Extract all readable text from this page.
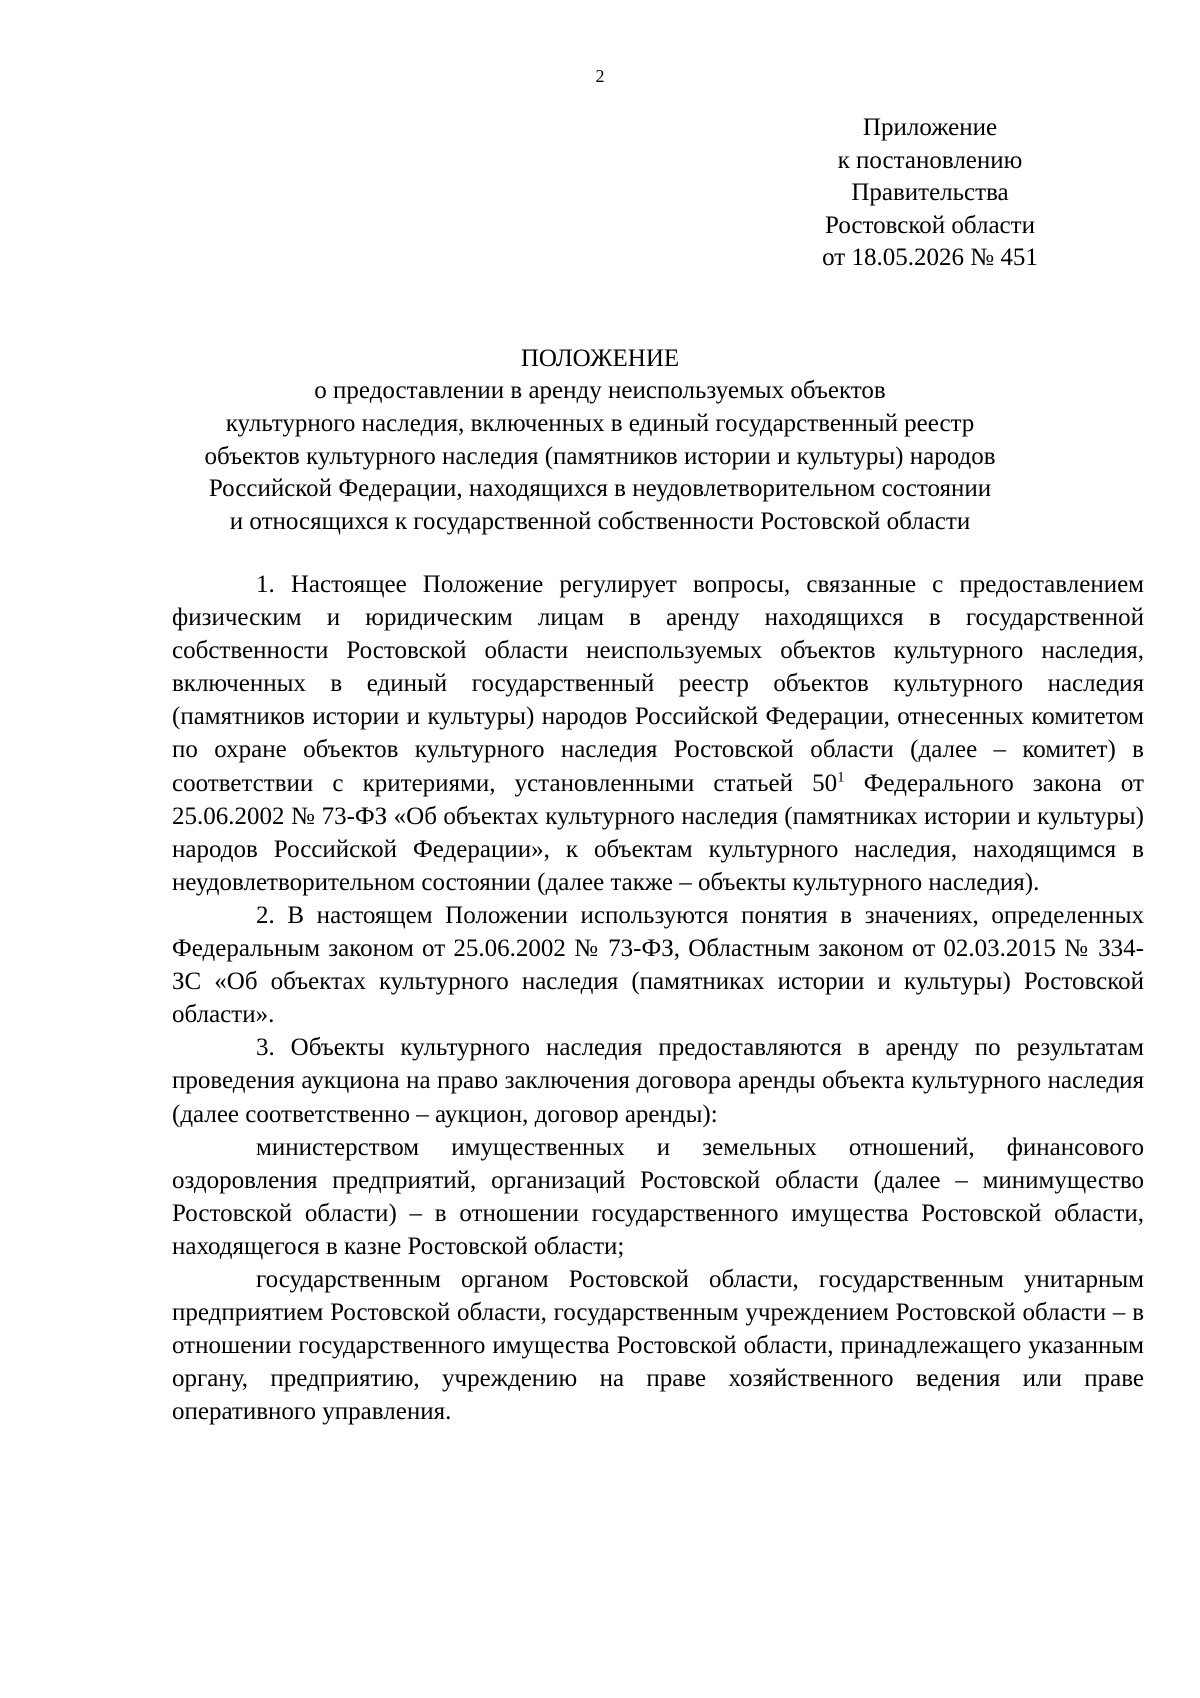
2
Приложение
к постановлению
Правительства
Ростовской области
от 18.05.2026 № 451
ПОЛОЖЕНИЕ
о предоставлении в аренду неиспользуемых объектов
культурного наследия, включенных в единый государственный реестр
объектов культурного наследия (памятников истории и культуры) народов
Российской Федерации, находящихся в неудовлетворительном состоянии
и относящихся к государственной собственности Ростовской области

1. Настоящее Положение регулирует вопросы, связанные с предоставлением физическим и юридическим лицам в аренду находящихся в государственной собственности Ростовской области неиспользуемых объектов культурного наследия, включенных в единый государственный реестр объектов культурного наследия (памятников истории и культуры) народов Российской Федерации, отнесенных комитетом по охране объектов культурного наследия Ростовской области (далее – комитет) в соответствии с критериями, установленными статьей $50^1$ Федерального закона от 25.06.2002 № 73-ФЗ «Об объектах культурного наследия (памятниках истории и культуры) народов Российской Федерации», к объектам культурного наследия, находящимся в неудовлетворительном состоянии (далее также – объекты культурного наследия).

2. В настоящем Положении используются понятия в значениях, определенных Федеральным законом от 25.06.2002 № 73-ФЗ, Областным законом от 02.03.2015 № 334-ЗС «Об объектах культурного наследия (памятниках истории и культуры) Ростовской области».

3. Объекты культурного наследия предоставляются в аренду по результатам проведения аукциона на право заключения договора аренды объекта культурного наследия (далее соответственно – аукцион, договор аренды):

министерством имущественных и земельных отношений, финансового оздоровления предприятий, организаций Ростовской области (далее – минимущество Ростовской области) – в отношении государственного имущества Ростовской области, находящегося в казне Ростовской области;

государственным органом Ростовской области, государственным унитарным предприятием Ростовской области, государственным учреждением Ростовской области – в отношении государственного имущества Ростовской области, принадлежащего указанным органу, предприятию, учреждению на праве хозяйственного ведения или праве оперативного управления.
